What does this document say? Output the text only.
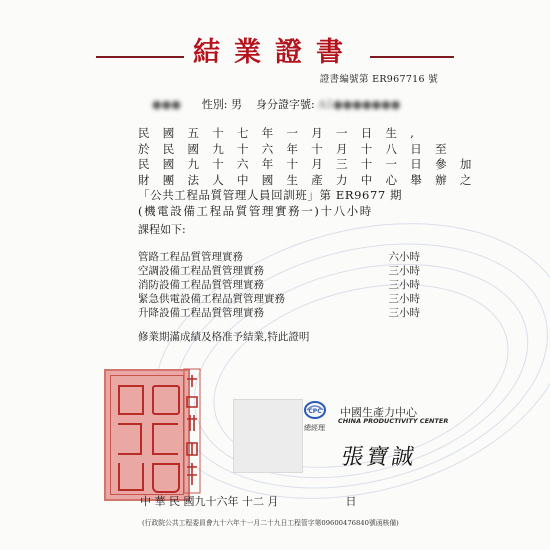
結業證書
證書編號第 ER967716 號
●●● 性別: 男 身分證字號: A1●●●●●●●
民 國 五 十 七 年 一 月 一 日 生 ,
於 民 國 九 十 六 年 十 月 十 八 日 至
民 國 九 十 六 年 十 月 三 十 一 日 參 加
財 團 法 人 中 國 生 產 力 中 心 舉 辦 之
「公共工程品質管理人員回訓班」第 ER9677 期
(機電設備工程品質管理實務一)十八小時
課程如下:
管路工程品質管理實務	六小時
空調設備工程品質管理實務	三小時
消防設備工程品質管理實務	三小時
緊急供電設備工程品質管理實務	三小時
升降設備工程品質管理實務	三小時
修業期滿成績及格准予結業,特此證明
CPC 中國生產力中心
CHINA PRODUCTIVITY CENTER
總經理
張寶誠
中 華 民 國九十六年 十二 月	日
(行政院公共工程委員會九十六年十一月二十九日工程管字第09600476840號函核備)
